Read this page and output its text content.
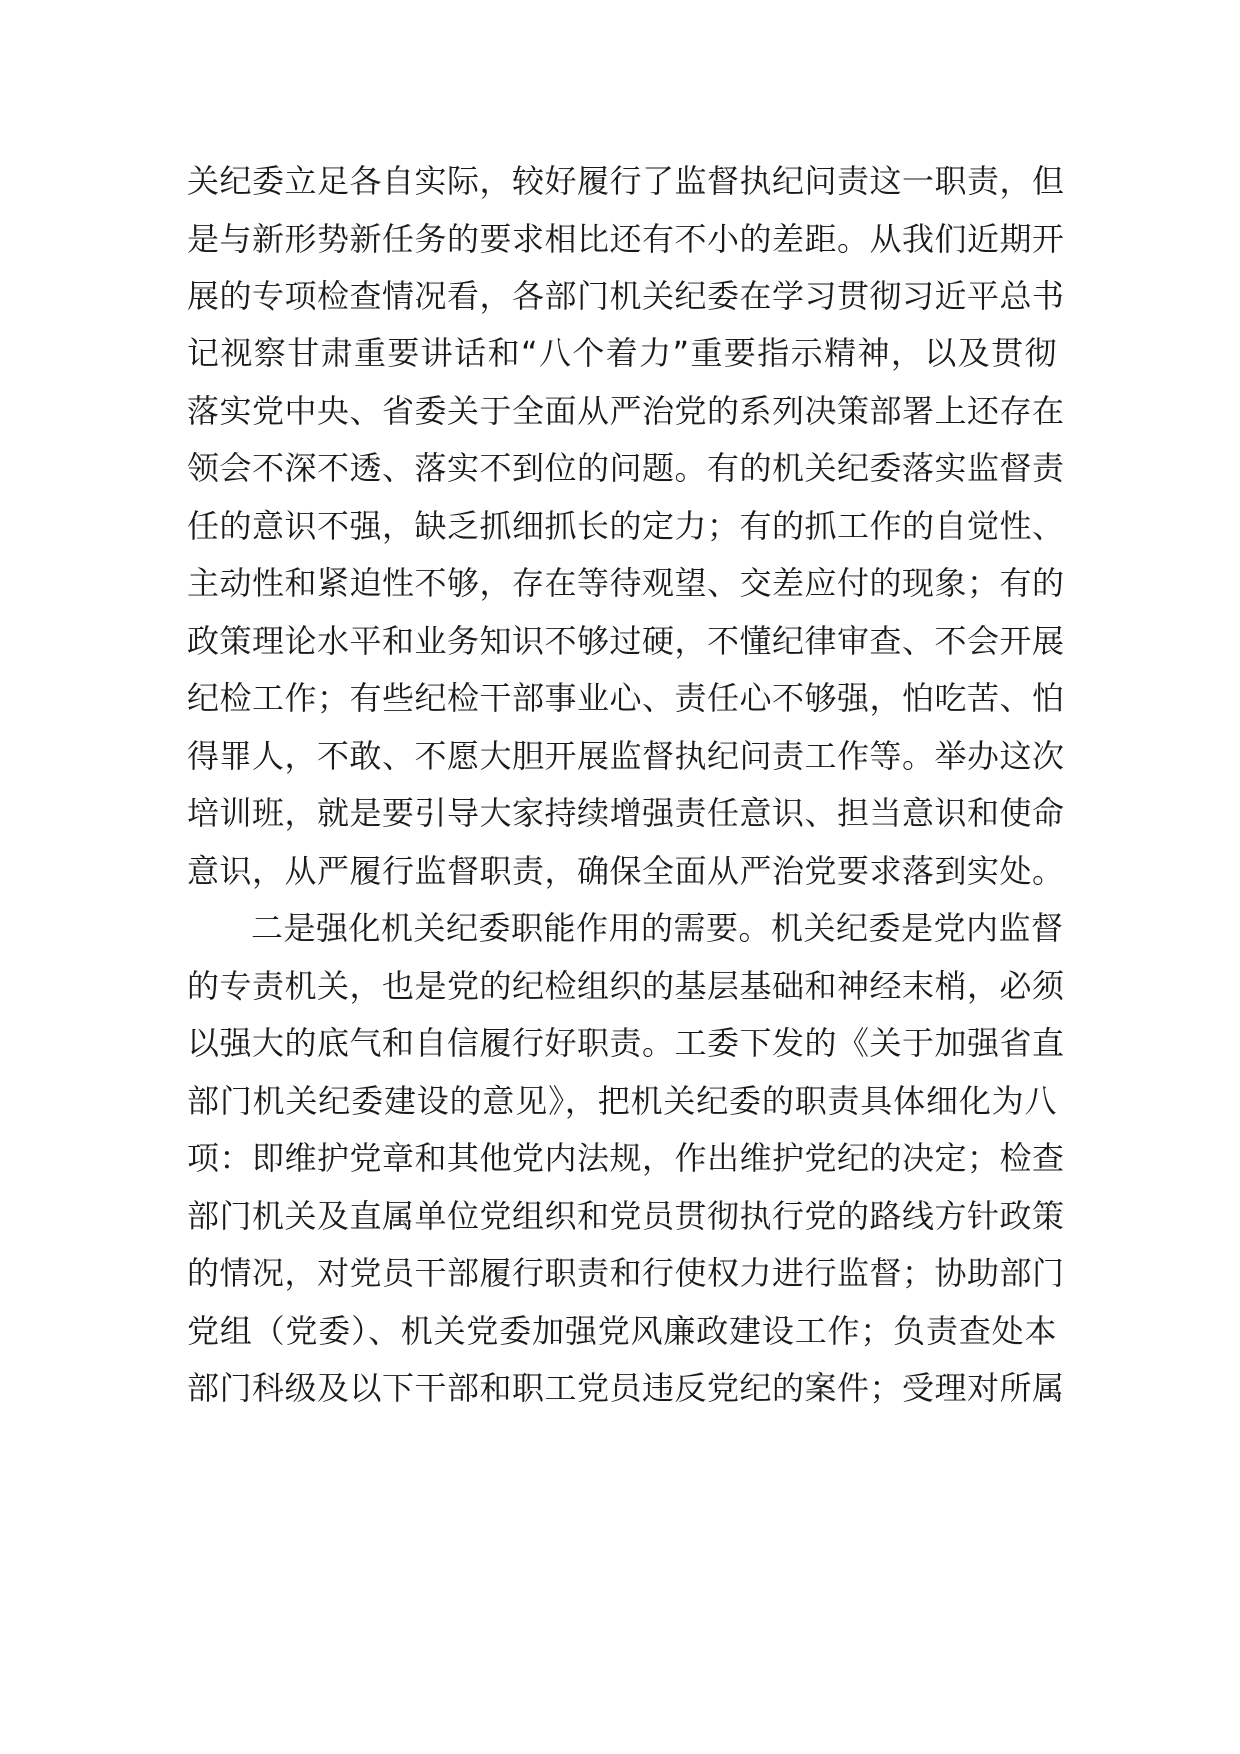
关纪委立足各自实际，较好履行了监督执纪问责这一职责，但
是与新形势新任务的要求相比还有不小的差距。从我们近期开
展的专项检查情况看，各部门机关纪委在学习贯彻习近平总书
记视察甘肃重要讲话和“八个着力”重要指示精神，以及贯彻
落实党中央、省委关于全面从严治党的系列决策部署上还存在
领会不深不透、落实不到位的问题。有的机关纪委落实监督责
任的意识不强，缺乏抓细抓长的定力；有的抓工作的自觉性、
主动性和紧迫性不够，存在等待观望、交差应付的现象；有的
政策理论水平和业务知识不够过硬，不懂纪律审查、不会开展
纪检工作；有些纪检干部事业心、责任心不够强，怕吃苦、怕
得罪人，不敢、不愿大胆开展监督执纪问责工作等。举办这次
培训班，就是要引导大家持续增强责任意识、担当意识和使命
意识，从严履行监督职责，确保全面从严治党要求落到实处。
二是强化机关纪委职能作用的需要。机关纪委是党内监督
的专责机关，也是党的纪检组织的基层基础和神经末梢，必须
以强大的底气和自信履行好职责。工委下发的《关于加强省直
部门机关纪委建设的意见》，把机关纪委的职责具体细化为八
项：即维护党章和其他党内法规，作出维护党纪的决定；检查
部门机关及直属单位党组织和党员贯彻执行党的路线方针政策
的情况，对党员干部履行职责和行使权力进行监督；协助部门
党组（党委）、机关党委加强党风廉政建设工作；负责查处本
部门科级及以下干部和职工党员违反党纪的案件；受理对所属
